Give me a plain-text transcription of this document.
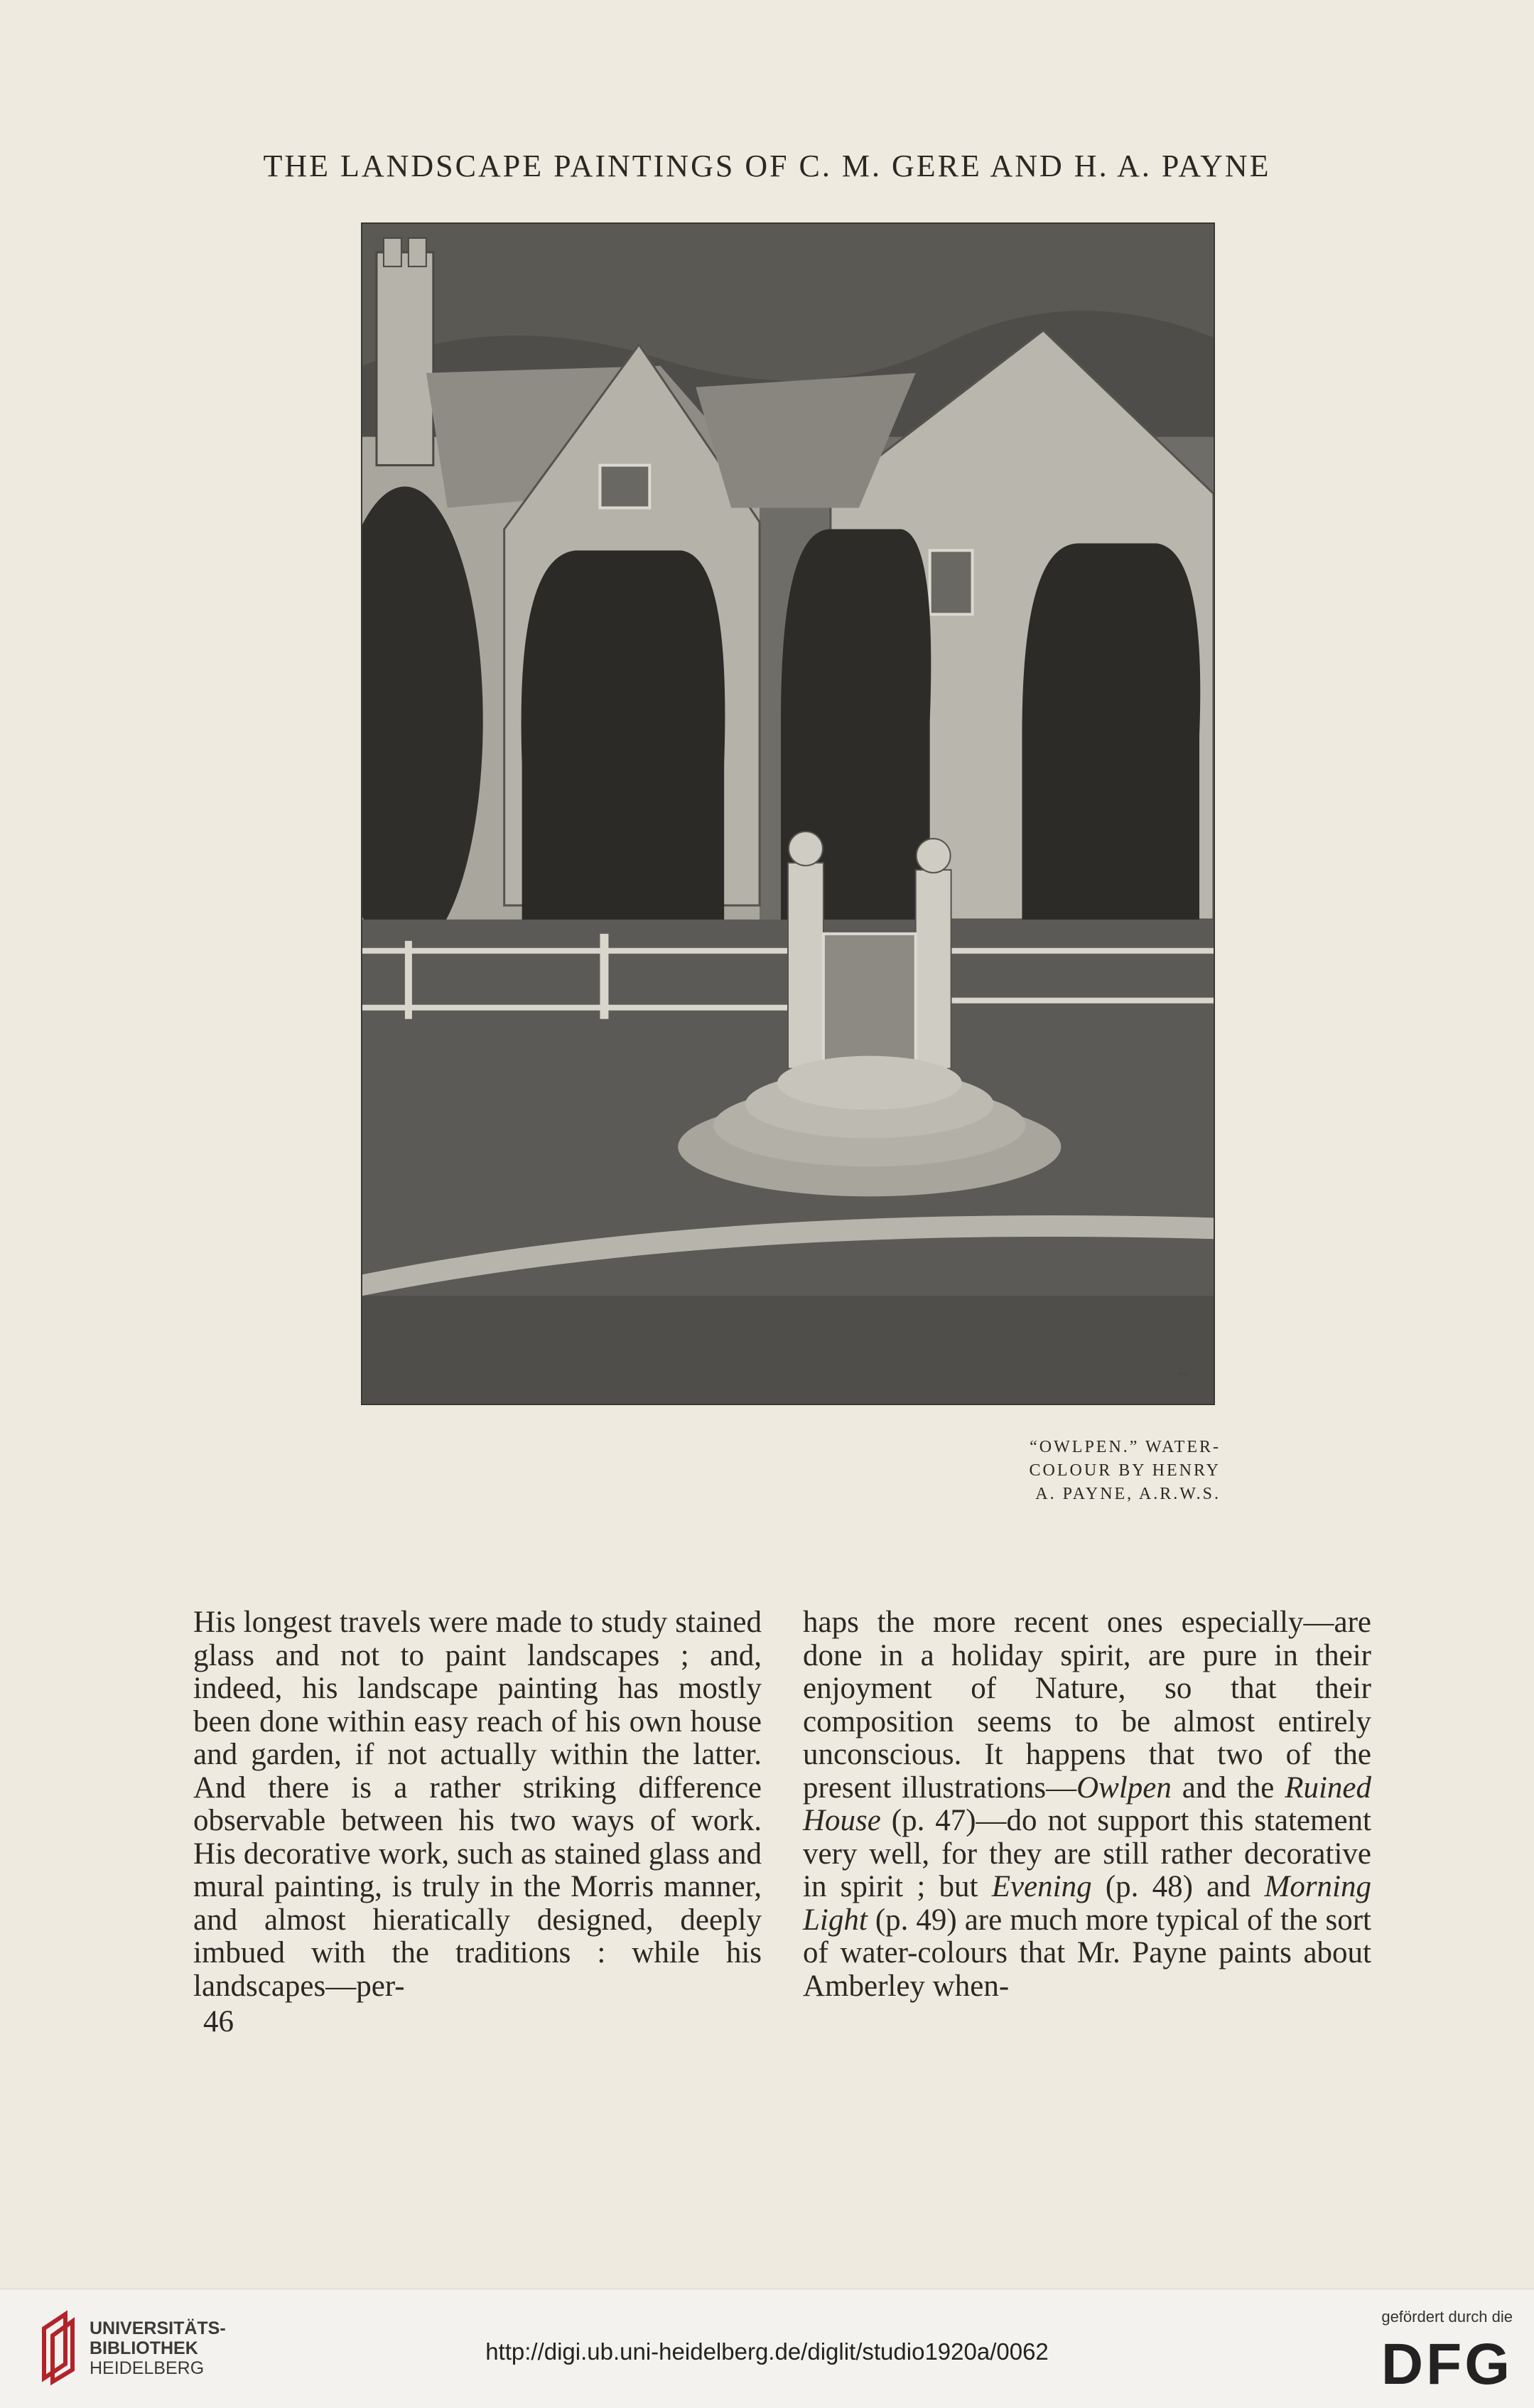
THE LANDSCAPE PAINTINGS OF C. M. GERE AND H. A. PAYNE
~
“OWLPEN.” WATER-
COLOUR BY HENRY
A. PAYNE, A.R.W.S.

His longest travels were made to study stained glass and not to paint landscapes ; and, indeed, his landscape painting has mostly been done within easy reach of his own house and garden, if not actually within the latter. And there is a rather striking difference observable between his two ways of work. His decorative work, such as stained glass and mural painting, is truly in the Morris manner, and almost hieratically designed, deeply imbued with the traditions : while his landscapes—per-

haps the more recent ones especially—are done in a holiday spirit, are pure in their enjoyment of Nature, so that their composition seems to be almost entirely unconscious. It happens that two of the present illustrations—Owlpen and the Ruined House (p. 47)—do not support this statement very well, for they are still rather decorative in spirit ; but Evening (p. 48) and Morning Light (p. 49) are much more typical of the sort of water-colours that Mr. Payne paints about Amberley when-

46
UNIVERSITÄTS-
BIBLIOTHEK
HEIDELBERG
http://digi.ub.uni-heidelberg.de/diglit/studio1920a/0062
gefördert durch die
DFG
